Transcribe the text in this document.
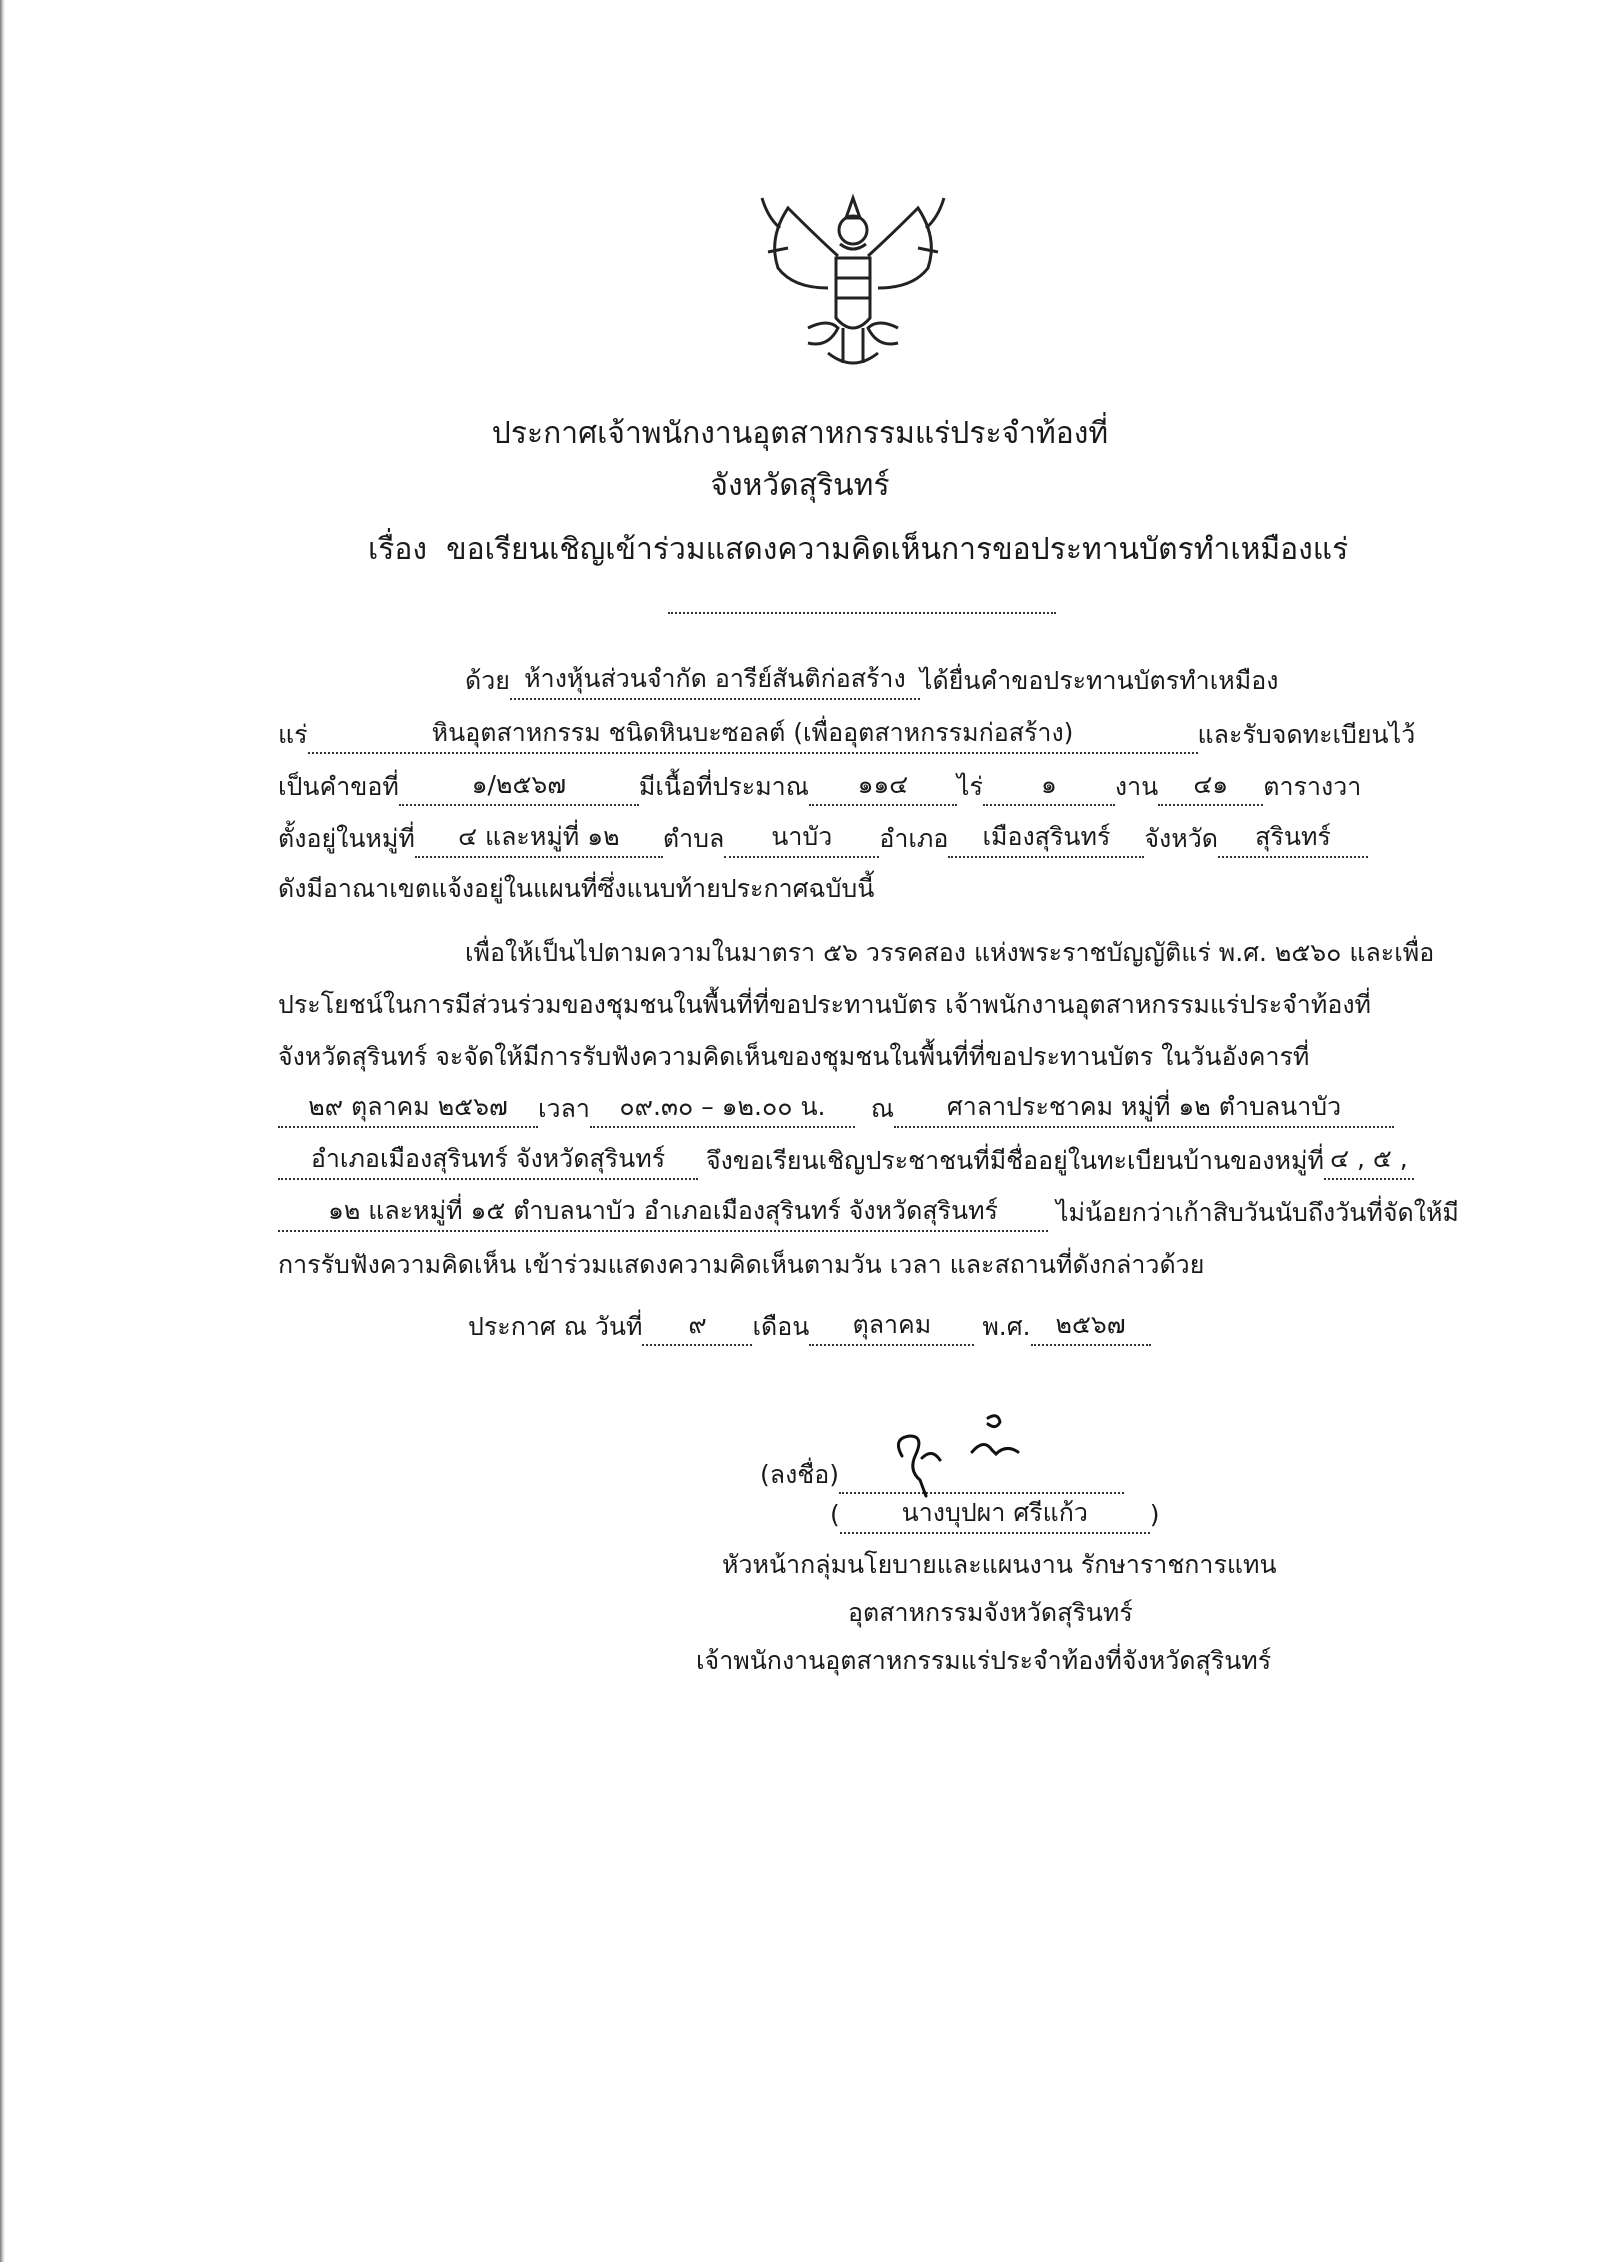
ประกาศเจ้าพนักงานอุตสาหกรรมแร่ประจำท้องที่
จังหวัดสุรินทร์
เรื่อง ขอเรียนเชิญเข้าร่วมแสดงความคิดเห็นการขอประทานบัตรทำเหมืองแร่
ด้วย ห้างหุ้นส่วนจำกัด อารีย์สันติก่อสร้าง ได้ยื่นคำขอประทานบัตรทำเหมือง
แร่	หินอุตสาหกรรม ชนิดหินบะซอลต์ (เพื่ออุตสาหกรรมก่อสร้าง)	และรับจดทะเบียนไว้
เป็นคำขอที่	๑/๒๕๖๗	มีเนื้อที่ประมาณ ๑๑๔ ไร่ ๑ งาน ๔๑ ตารางวา
ตั้งอยู่ในหมู่ที่ ๔ และหมู่ที่ ๑๒ ตำบล นาบัว อำเภอ เมืองสุรินทร์ จังหวัด สุรินทร์
ดังมีอาณาเขตแจ้งอยู่ในแผนที่ซึ่งแนบท้ายประกาศฉบับนี้
เพื่อให้เป็นไปตามความในมาตรา ๕๖ วรรคสอง แห่งพระราชบัญญัติแร่ พ.ศ. ๒๕๖๐ และเพื่อ
ประโยชน์ในการมีส่วนร่วมของชุมชนในพื้นที่ที่ขอประทานบัตร เจ้าพนักงานอุตสาหกรรมแร่ประจำท้องที่
จังหวัดสุรินทร์ จะจัดให้มีการรับฟังความคิดเห็นของชุมชนในพื้นที่ที่ขอประทานบัตร ในวันอังคารที่
๒๙ ตุลาคม ๒๕๖๗ เวลา ๐๙.๓๐ – ๑๒.๐๐ น. ณ ศาลาประชาคม หมู่ที่ ๑๒ ตำบลนาบัว
อำเภอเมืองสุรินทร์ จังหวัดสุรินทร์ จึงขอเรียนเชิญประชาชนที่มีชื่ออยู่ในทะเบียนบ้านของหมู่ที่ ๔ , ๕ ,
๑๒ และหมู่ที่ ๑๕ ตำบลนาบัว อำเภอเมืองสุรินทร์ จังหวัดสุรินทร์ ไม่น้อยกว่าเก้าสิบวันนับถึงวันที่จัดให้มี
การรับฟังความคิดเห็น เข้าร่วมแสดงความคิดเห็นตามวัน เวลา และสถานที่ดังกล่าวด้วย
ประกาศ ณ วันที่ ๙ เดือน ตุลาคม พ.ศ. ๒๕๖๗
(ลงชื่อ)
( นางบุปผา ศรีแก้ว )
หัวหน้ากลุ่มนโยบายและแผนงาน รักษาราชการแทน
อุตสาหกรรมจังหวัดสุรินทร์
เจ้าพนักงานอุตสาหกรรมแร่ประจำท้องที่จังหวัดสุรินทร์
